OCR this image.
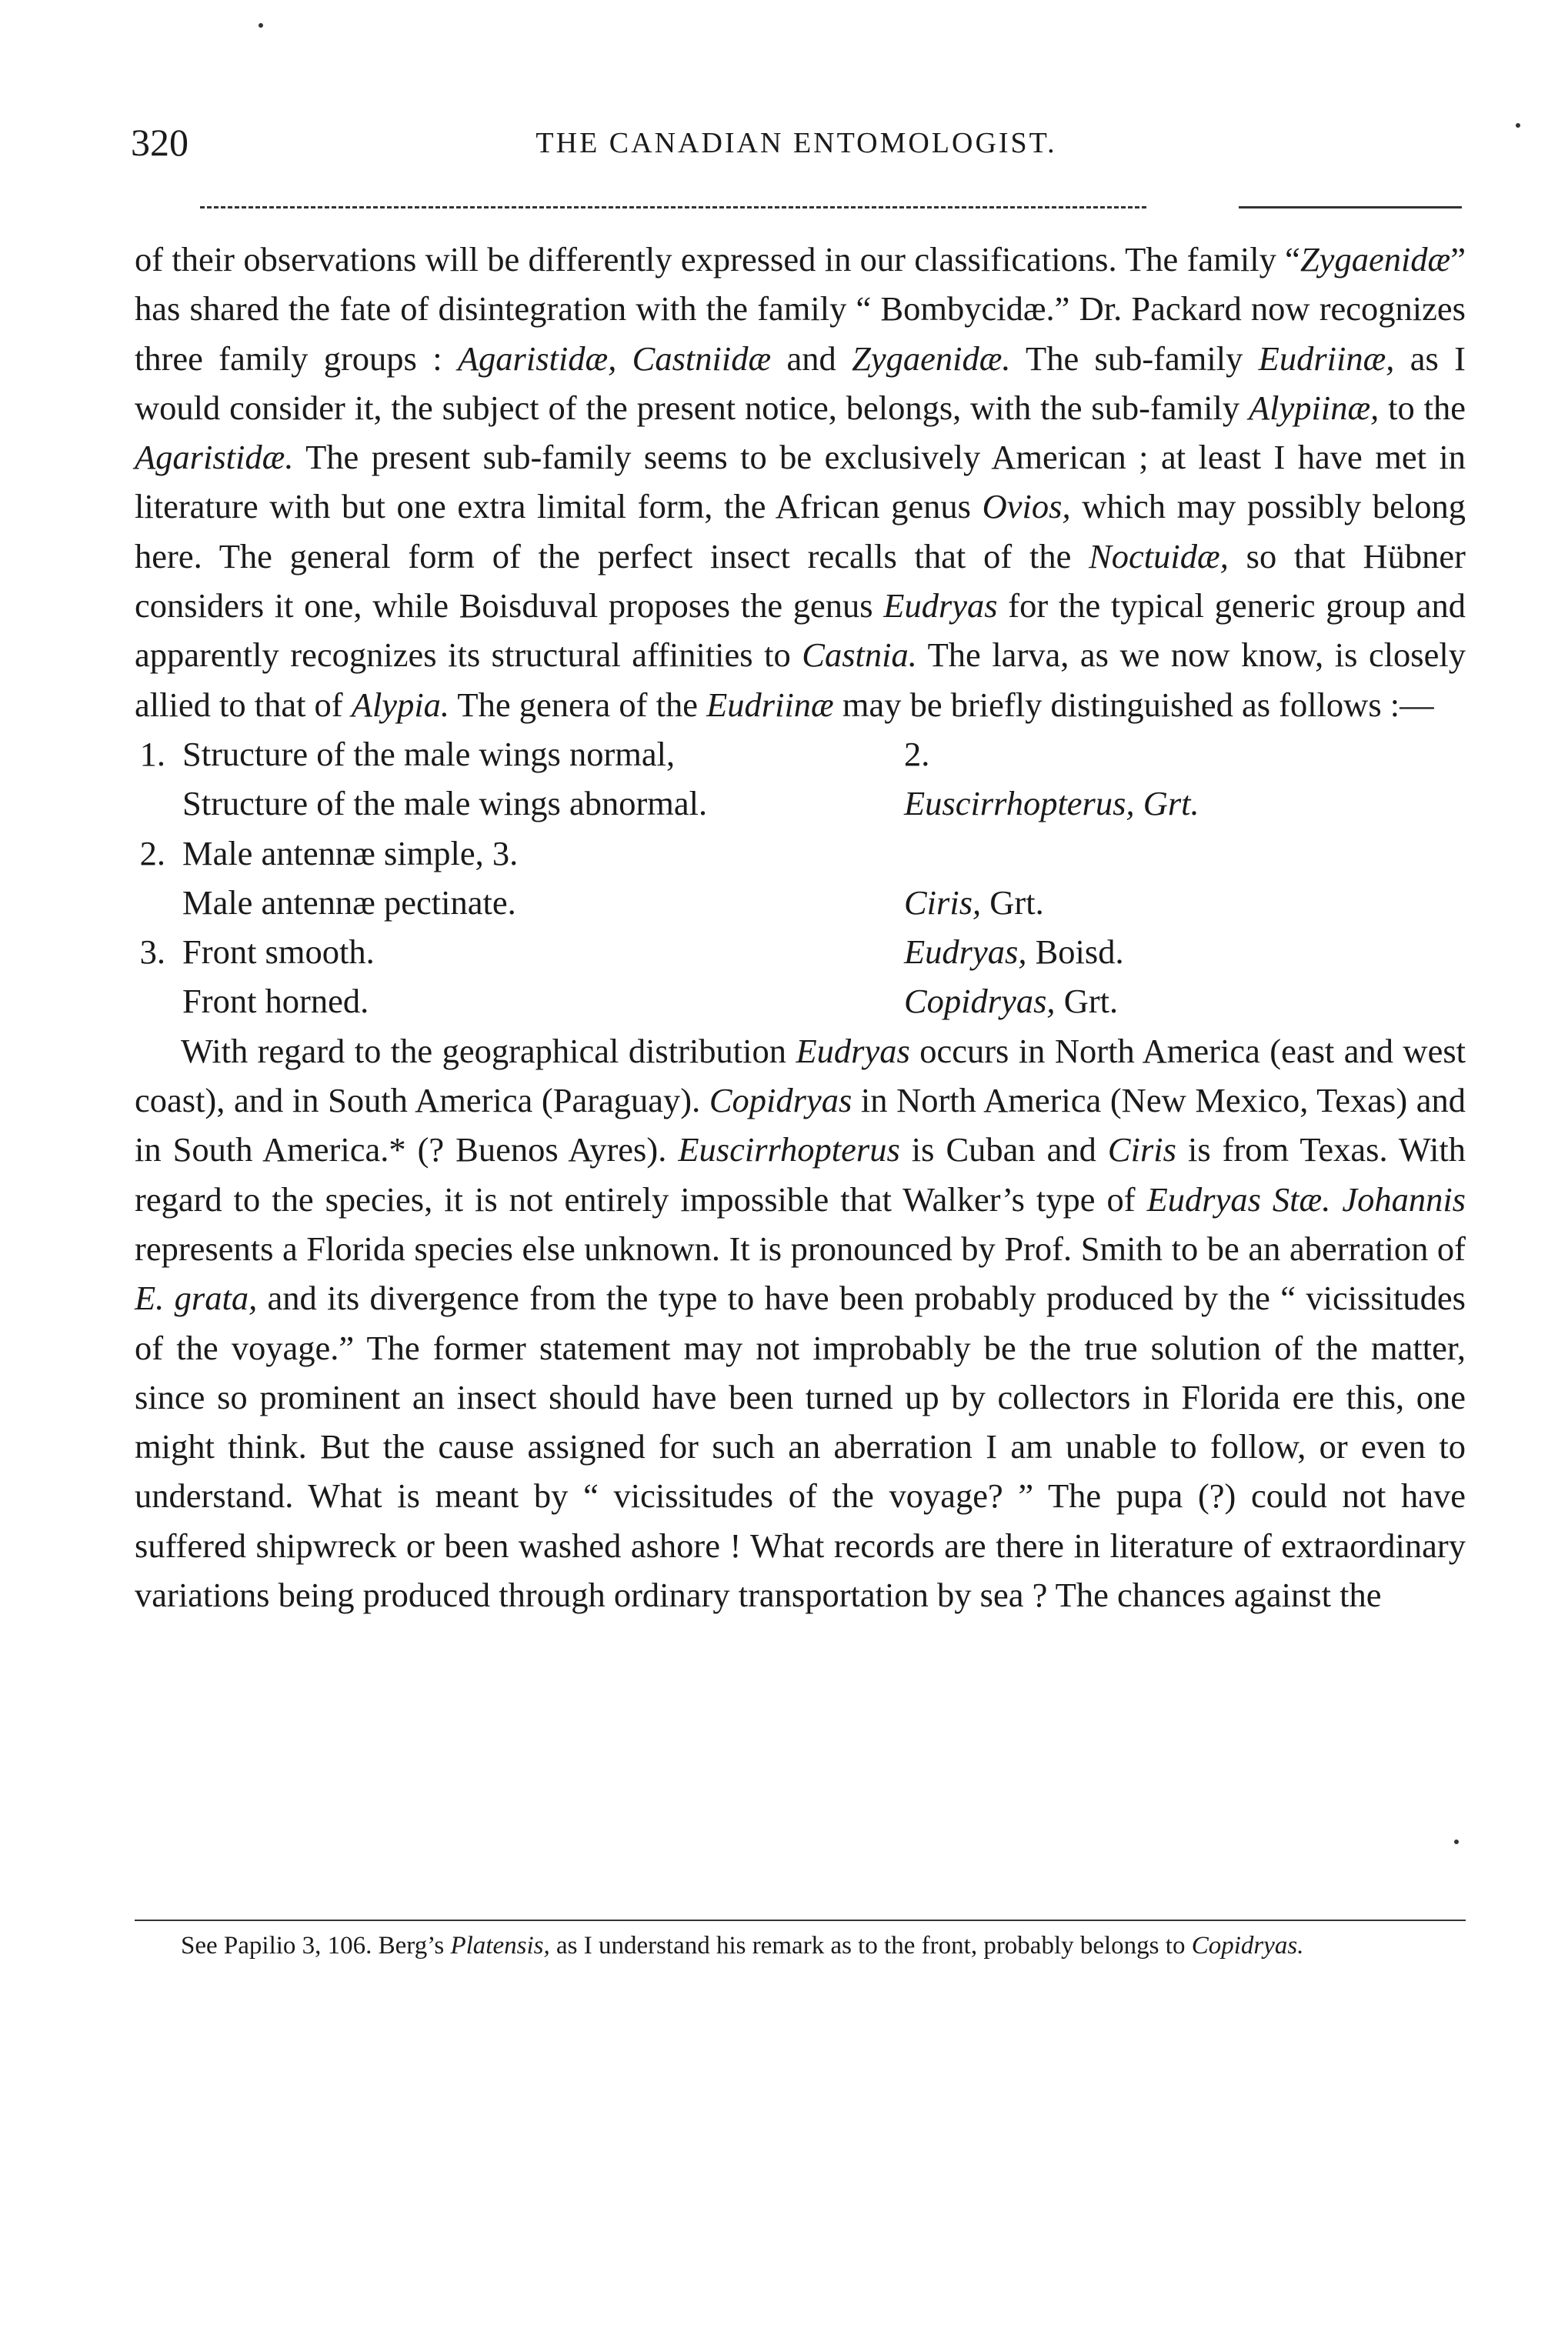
320	THE CANADIAN ENTOMOLOGIST.

of their observations will be differently expressed in our classifications. The family “Zygaenidæ” has shared the fate of disintegration with the family “ Bombycidæ.” Dr. Packard now recognizes three family groups : Agaristidæ, Castniidæ and Zygaenidæ. The sub-family Eudriinæ, as I would consider it, the subject of the present notice, belongs, with the sub-family Alypiinæ, to the Agaristidæ. The present sub-family seems to be exclusively American ; at least I have met in literature with but one extra limital form, the African genus Ovios, which may possibly belong here. The general form of the perfect insect recalls that of the Noctuidæ, so that Hübner considers it one, while Boisduval proposes the genus Eudryas for the typical generic group and apparently recognizes its structural affinities to Castnia. The larva, as we now know, is closely allied to that of Alypia. The genera of the Eudriinæ may be briefly distinguished as follows :—

1. Structure of the male wings normal,	2.
Structure of the male wings abnormal.	Euscirrhopterus, Grt.
2. Male antennæ simple, 3.
Male antennæ pectinate.	Ciris, Grt.
3. Front smooth.	Eudryas, Boisd.
Front horned.	Copidryas, Grt.

With regard to the geographical distribution Eudryas occurs in North America (east and west coast), and in South America (Paraguay). Copidryas in North America (New Mexico, Texas) and in South America.* (? Buenos Ayres). Euscirrhopterus is Cuban and Ciris is from Texas. With regard to the species, it is not entirely impossible that Walker’s type of Eudryas Stæ. Johannis represents a Florida species else unknown. It is pronounced by Prof. Smith to be an aberration of E. grata, and its divergence from the type to have been probably produced by the “ vicissitudes of the voyage.” The former statement may not improbably be the true solution of the matter, since so prominent an insect should have been turned up by collectors in Florida ere this, one might think. But the cause assigned for such an aberration I am unable to follow, or even to understand. What is meant by “ vicissitudes of the voyage? ” The pupa (?) could not have suffered shipwreck or been washed ashore ! What records are there in literature of extraordinary variations being produced through ordinary transportation by sea ? The chances against the

See Papilio 3, 106. Berg’s Platensis, as I understand his remark as to the front, probably belongs to Copidryas.
